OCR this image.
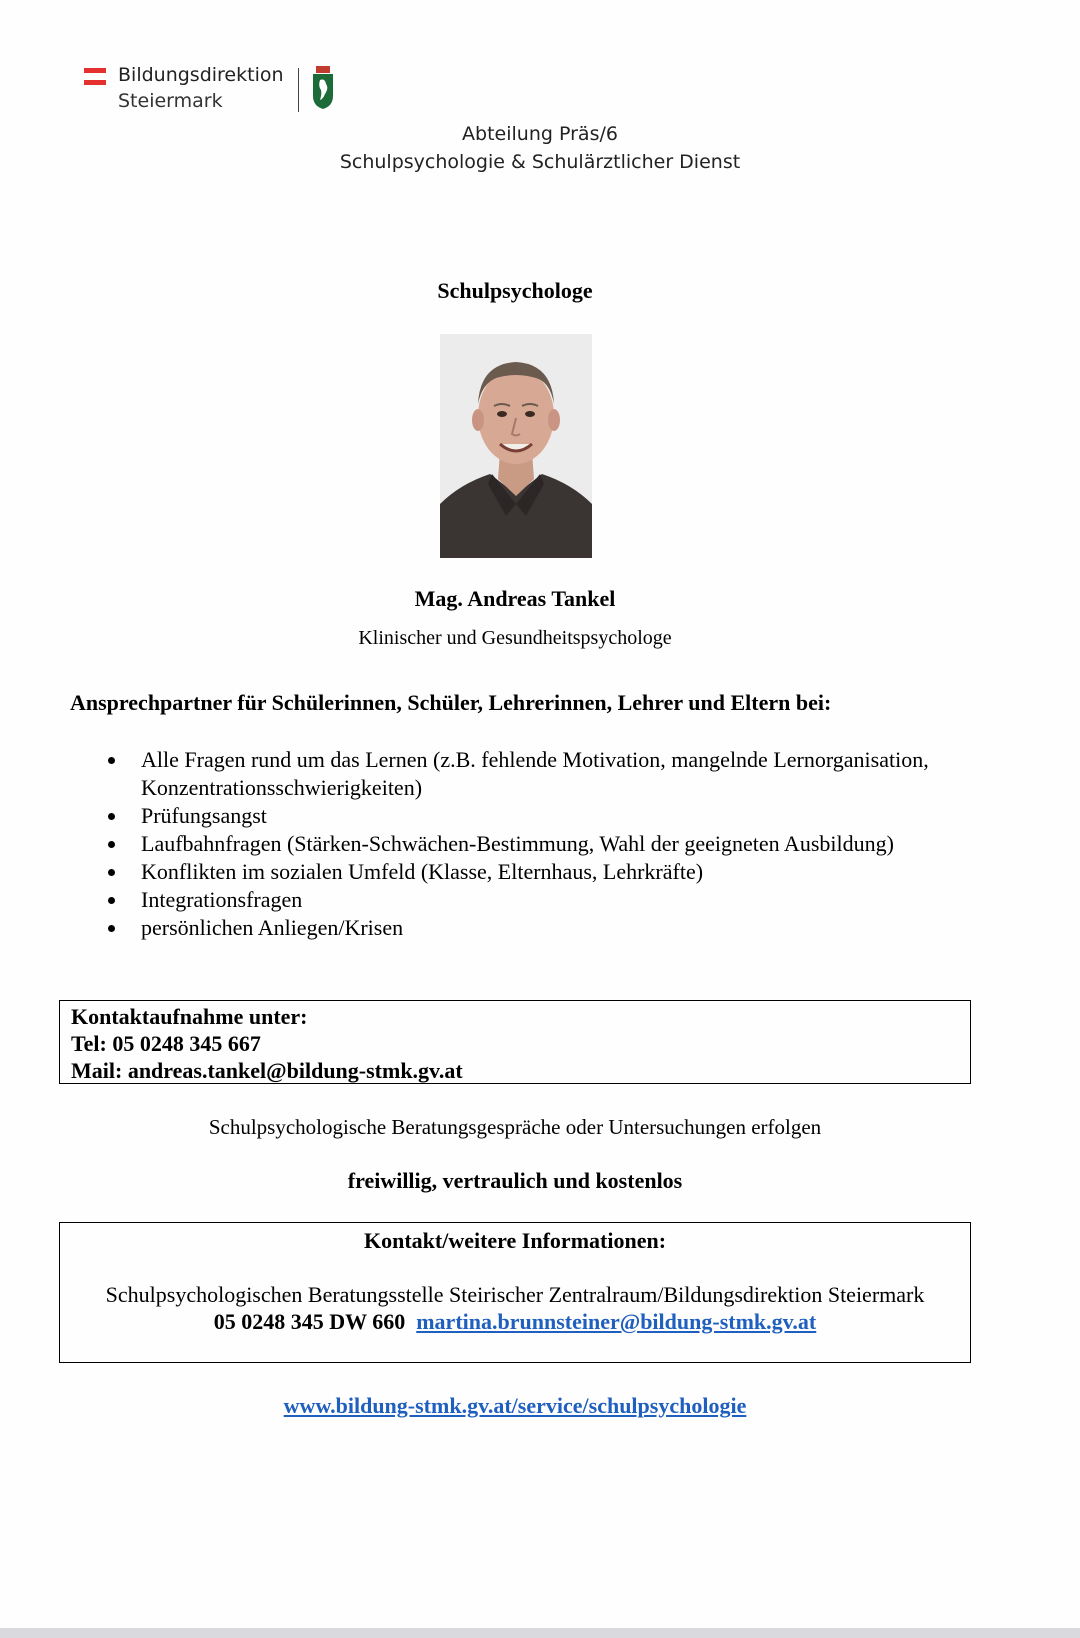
Bildungsdirektion
Steiermark
Abteilung Präs/6
Schulpsychologie & Schulärztlicher Dienst
Schulpsychologe
Mag. Andreas Tankel
Klinischer und Gesundheitspsychologe
Ansprechpartner für Schülerinnen, Schüler, Lehrerinnen, Lehrer und Eltern bei:
Alle Fragen rund um das Lernen (z.B. fehlende Motivation, mangelnde Lernorganisation, Konzentrationsschwierigkeiten)
Prüfungsangst
Laufbahnfragen (Stärken-Schwächen-Bestimmung, Wahl der geeigneten Ausbildung)
Konflikten im sozialen Umfeld (Klasse, Elternhaus, Lehrkräfte)
Integrationsfragen
persönlichen Anliegen/Krisen
Kontaktaufnahme unter:
Tel: 05 0248 345 667
Mail: andreas.tankel@bildung-stmk.gv.at
Schulpsychologische Beratungsgespräche oder Untersuchungen erfolgen
freiwillig, vertraulich und kostenlos
Kontakt/weitere Informationen:
Schulpsychologischen Beratungsstelle Steirischer Zentralraum/Bildungsdirektion Steiermark
05 0248 345 DW 660 martina.brunnsteiner@bildung-stmk.gv.at
www.bildung-stmk.gv.at/service/schulpsychologie
